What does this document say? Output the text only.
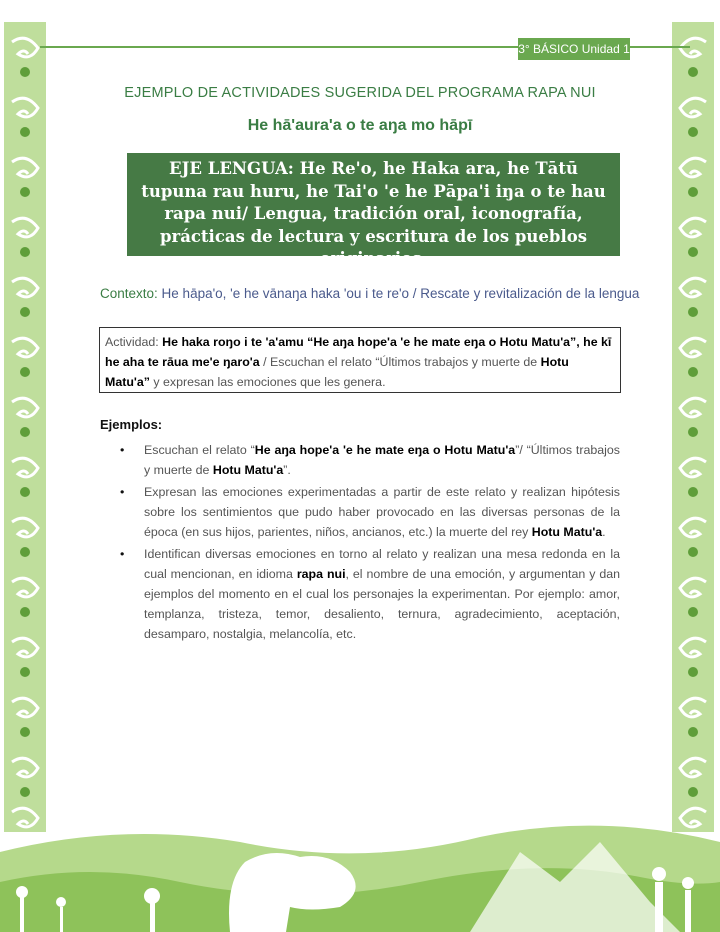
3° BÁSICO Unidad 1
EJEMPLO DE ACTIVIDADES SUGERIDA DEL PROGRAMA RAPA NUI
He hā'aura'a o te aŋa mo hāpī
EJE LENGUA: He Re'o, he Haka ara, he Tātū tupuna rau huru, he Tai'o 'e he Pāpa'i iŋa o te hau rapa nui/ Lengua, tradición oral, iconografía, prácticas de lectura y escritura de los pueblos originarios.
Contexto: He hāpa'o, 'e he vānaŋa haka 'ou i te re'o / Rescate y revitalización de la lengua
Actividad: He haka roŋo i te 'a'amu “He aŋa hope'a 'e he mate eŋa o Hotu Matu'a”, he kī he aha te rāua me'e ŋaro'a / Escuchan el relato “Últimos trabajos y muerte de Hotu Matu'a” y expresan las emociones que les genera.
Ejemplos:
• Escuchan el relato “He aŋa hope'a 'e he mate eŋa o Hotu Matu'a”/ “Últimos trabajos y muerte de Hotu Matu'a”.
• Expresan las emociones experimentadas a partir de este relato y realizan hipótesis sobre los sentimientos que pudo haber provocado en las diversas personas de la época (en sus hijos, parientes, niños, ancianos, etc.) la muerte del rey Hotu Matu'a.
• Identifican diversas emociones en torno al relato y realizan una mesa redonda en la cual mencionan, en idioma rapa nui, el nombre de una emoción, y argumentan y dan ejemplos del momento en el cual los personajes la experimentan. Por ejemplo: amor, templanza, tristeza, temor, desaliento, ternura, agradecimiento, aceptación, desamparo, nostalgia, melancolía, etc.
